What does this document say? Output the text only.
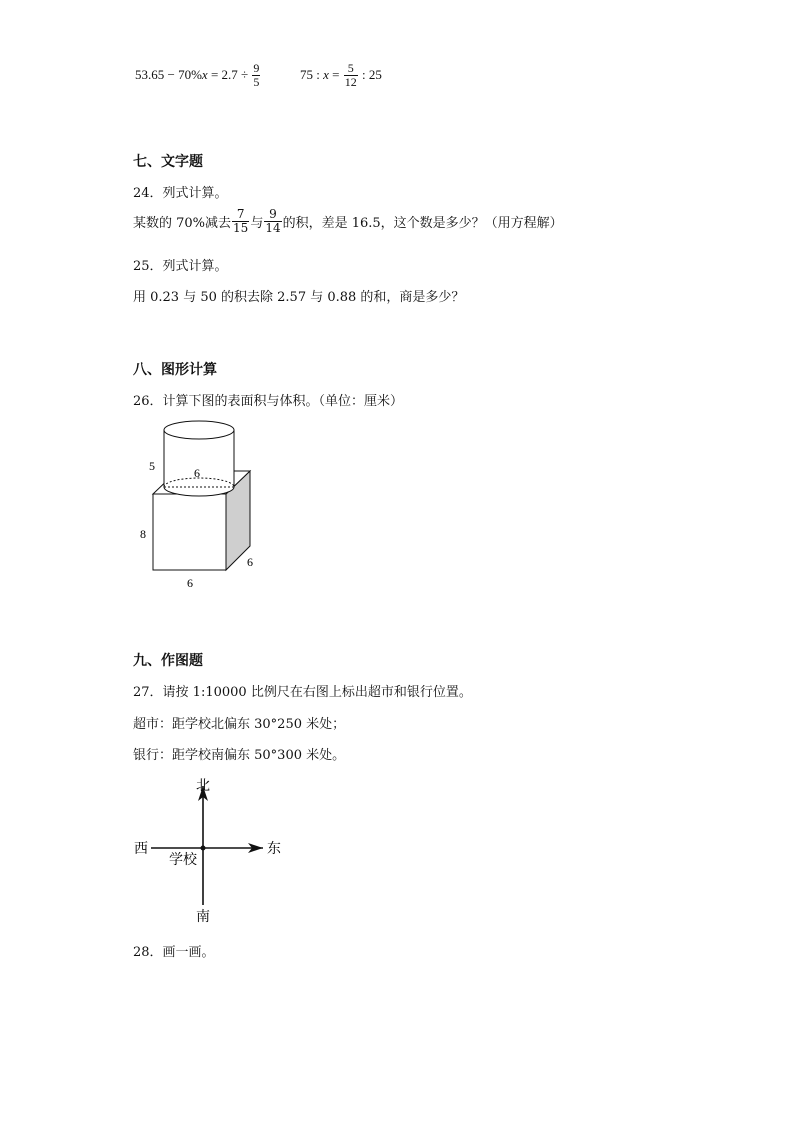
53.65 − 70% $x = 2.7 \div \frac{9}{5}$	75 : $x = \frac{5}{12}$ : 25
七、文字题
24．列式计算。
某数的 70%减去 $\frac{7}{15}$ 与 $\frac{9}{14}$ 的积，差是 16.5，这个数是多少？（用方程解）
25．列式计算。
用 0.23 与 50 的积去除 2.57 与 0.88 的和，商是多少？
八、图形计算
26．计算下图的表面积与体积。（单位：厘米）
5	6
8
6
6
九、作图题
27．请按 1:10000 比例尺在右图上标出超市和银行位置。
超市：距学校北偏东 30°250 米处；
银行：距学校南偏东 50°300 米处。
北
南
西	东
学校
28．画一画。
